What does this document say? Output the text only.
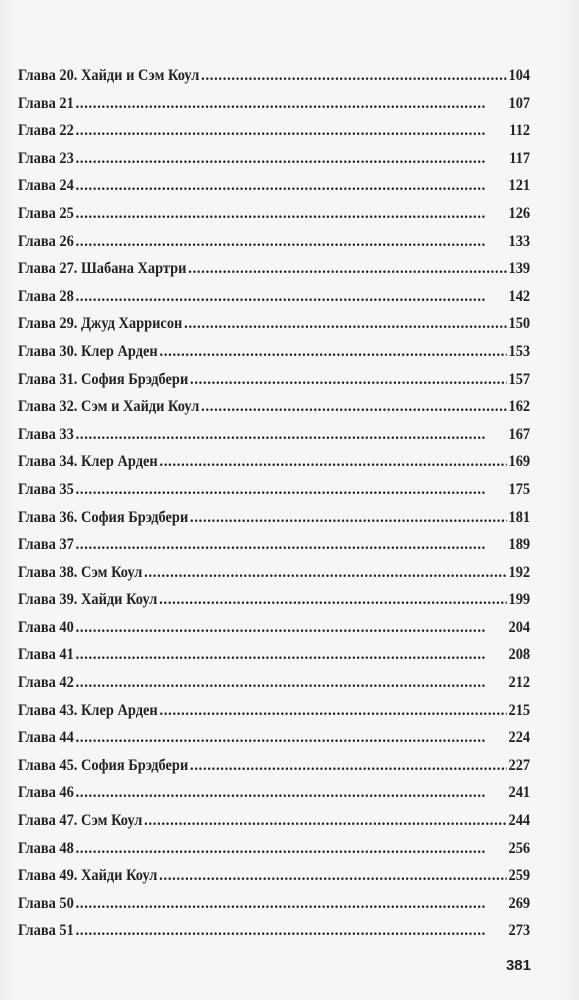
Глава 20. Хайди и Сэм Коул . . .	104
Глава 21 . . .	107
Глава 22 . . .	112
Глава 23 . . .	117
Глава 24 . . .	121
Глава 25 . . .	126
Глава 26 . . .	133
Глава 27. Шабана Хартри . . .	139
Глава 28 . . .	142
Глава 29. Джуд Харрисон . . .	150
Глава 30. Клер Арден . . .	153
Глава 31. София Брэдбери . . .	157
Глава 32. Сэм и Хайди Коул . . .	162
Глава 33 . . .	167
Глава 34. Клер Арден . . .	169
Глава 35 . . .	175
Глава 36. София Брэдбери . . .	181
Глава 37 . . .	189
Глава 38. Сэм Коул . . .	192
Глава 39. Хайди Коул . . .	199
Глава 40 . . .	204
Глава 41 . . .	208
Глава 42 . . .	212
Глава 43. Клер Арден . . .	215
Глава 44 . . .	224
Глава 45. София Брэдбери . . .	227
Глава 46 . . .	241
Глава 47. Сэм Коул . . .	244
Глава 48 . . .	256
Глава 49. Хайди Коул . . .	259
Глава 50 . . .	269
Глава 51 . . .	273
381
